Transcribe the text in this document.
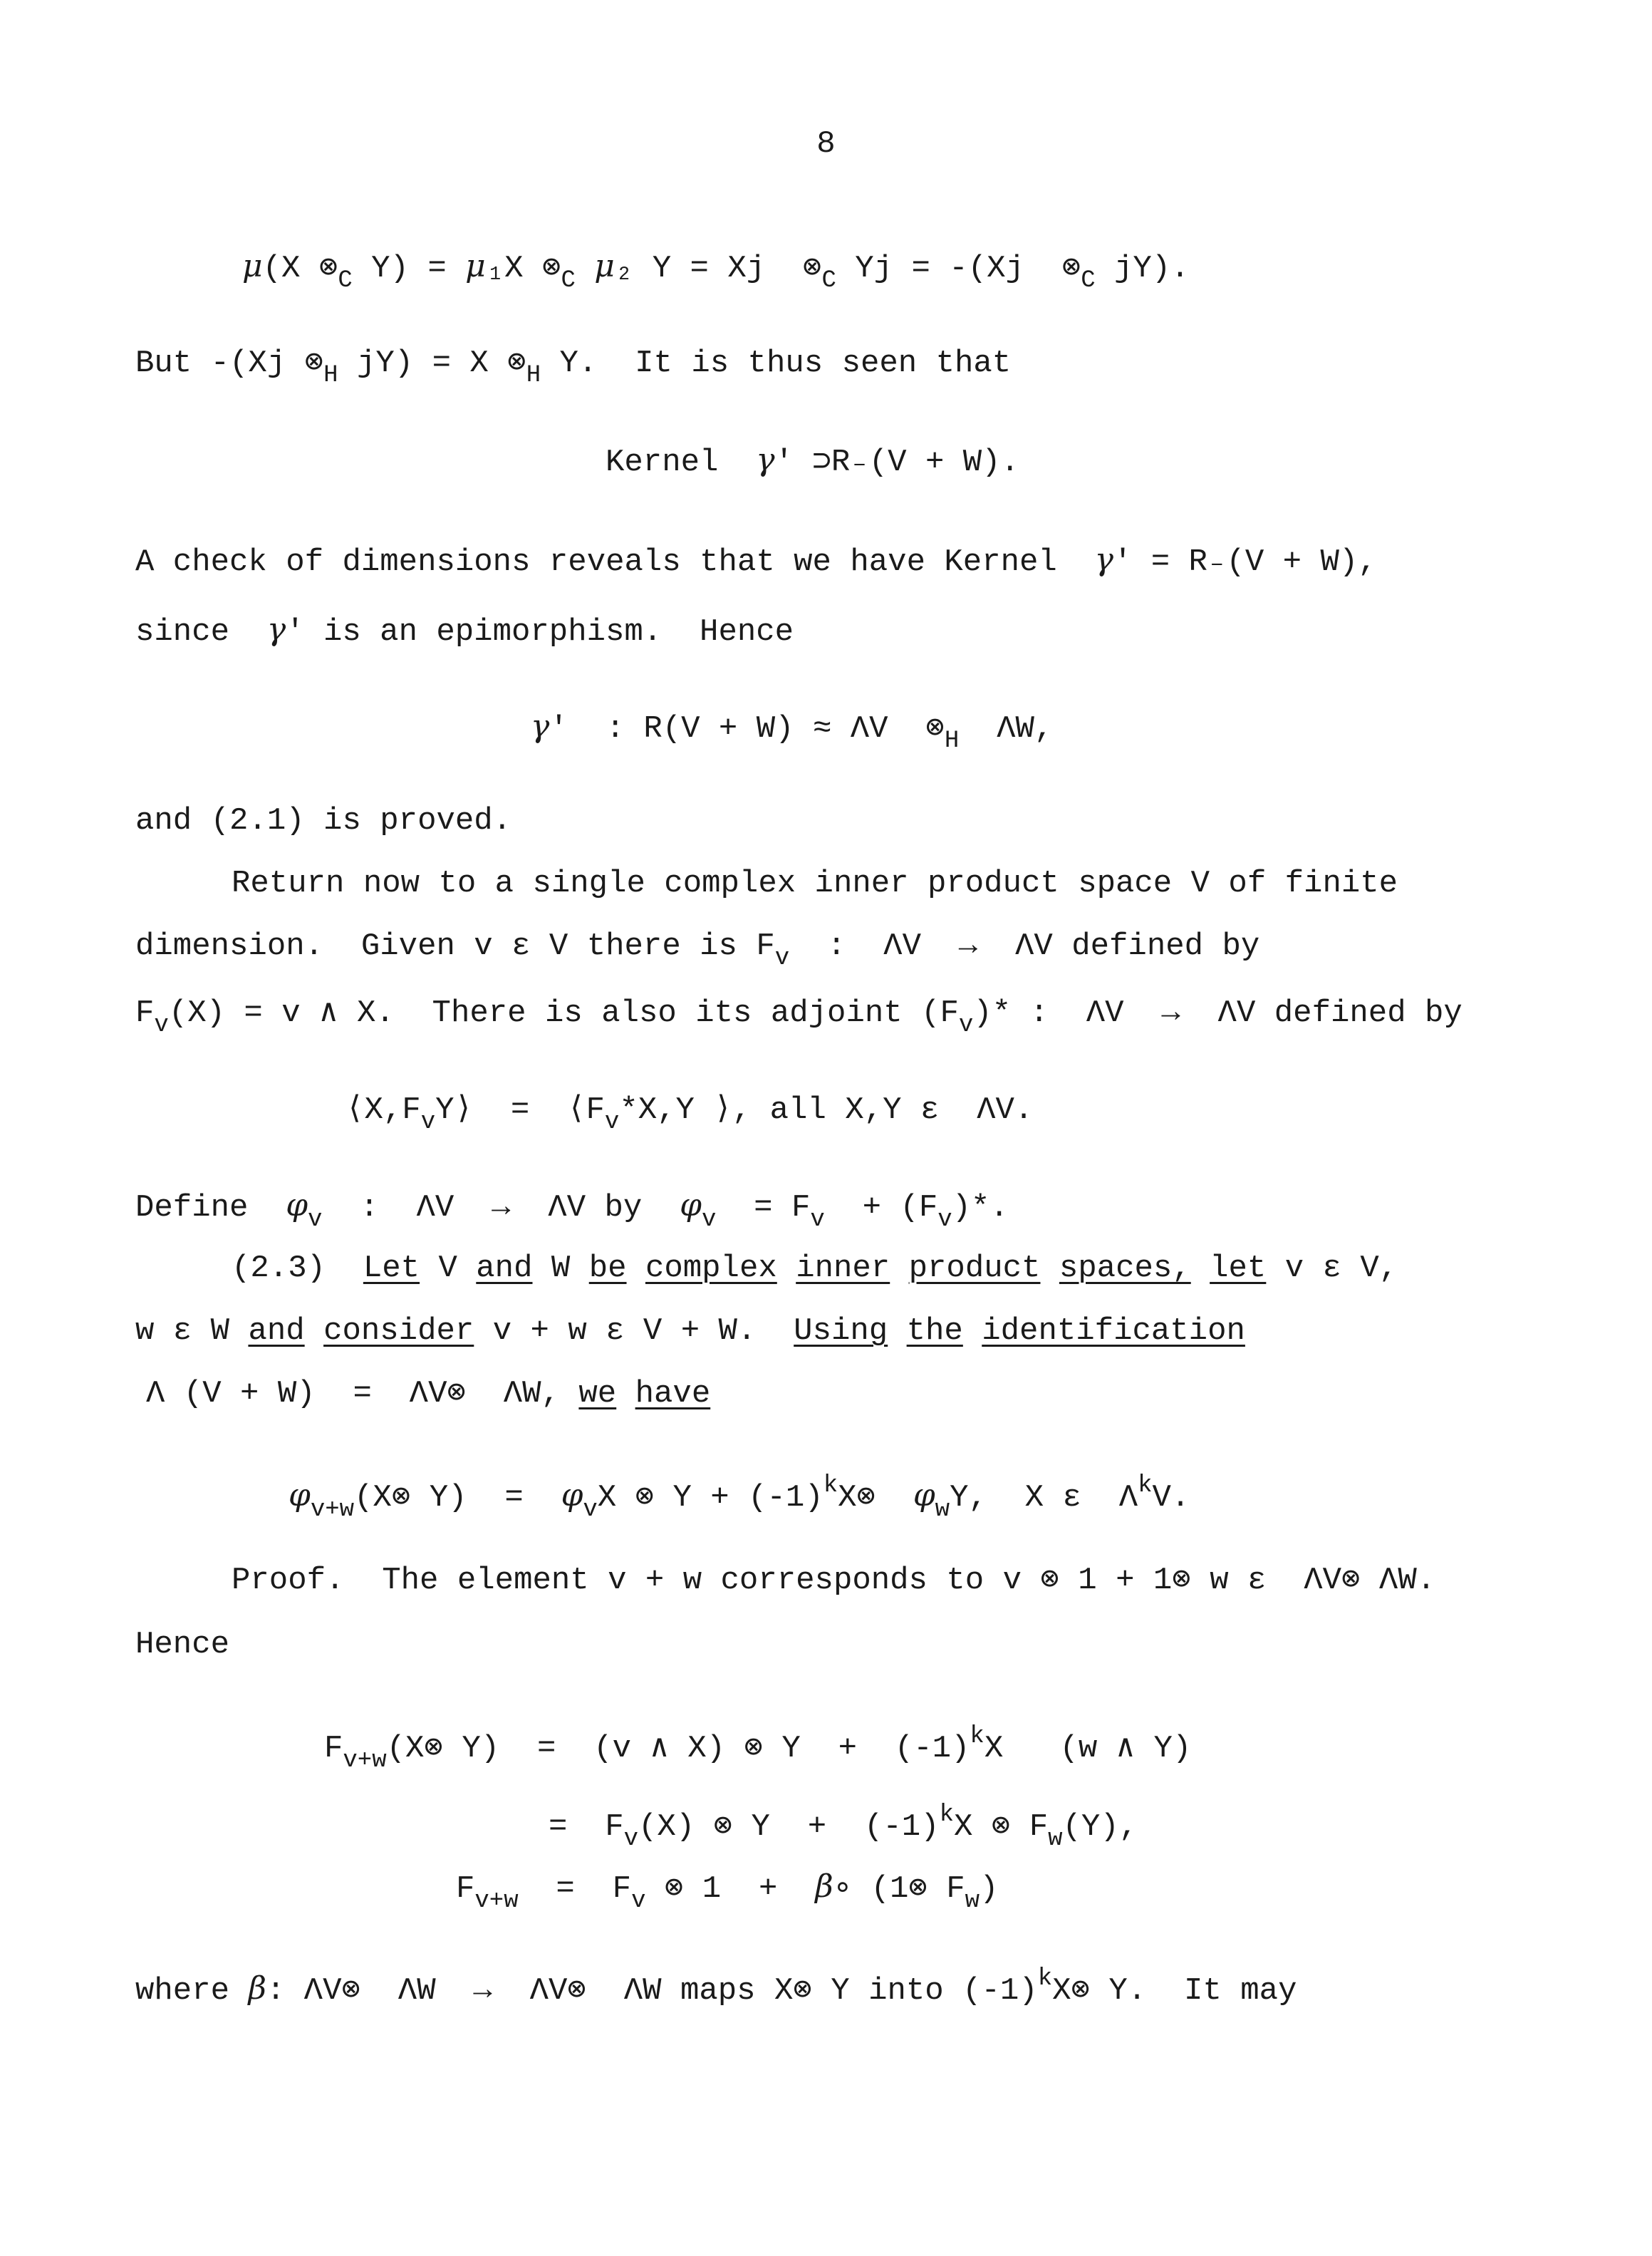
8
𝜇(X $\otimes_C$ Y) = 𝜇₁X $\otimes_C$ 𝜇₂ Y = Xj  $\otimes_C$ Yj = -(Xj  $\otimes_C$ jY).
But -(Xj $\otimes_H$ jY) = X $\otimes_H$ Y.  It is thus seen that
Kernel  γ' ⊃R₋(V + W).
A check of dimensions reveals that we have Kernel  γ' = R₋(V + W),
since  γ' is an epimorphism.  Hence
γ'  : R(V + W) ≈ ΛV  $\otimes_H$  ΛW,
and (2.1) is proved.
Return now to a single complex inner product space V of finite
dimension.  Given v ε V there is $F_v$  :  ΛV  →  ΛV defined by
$F_v(X) = v$ ∧ X.  There is also its adjoint $(F_v)*$ :  ΛV  →  ΛV defined by
$⟨X,F_vY⟩$  =  $⟨F_v*X,Y$ ⟩, all X,Y ε  ΛV.
Define  $\varphi_v$  :  ΛV  →  ΛV by  $\varphi_v = F_v + (F_v)*$.
(2.3)  Let V and W be complex inner product spaces, let v ε V,
w ε W and consider v + w ε V + W.  Using the identification
Λ (V + W)  =  ΛV⊗  ΛW, we have
$\varphi_{v+w}(X\otimes$ $Y) = \varphi_vX$ ⊗ $Y + (-1)^kX\otimes$  $\varphi_wY$,  X ε  $\Lambda^kV$.
Proof.  The element v + w corresponds to v ⊗ 1 + 1⊗ w ε  ΛV⊗ ΛW.
Hence
$F_{v+w}(X\otimes$ Y)  =  (v ∧ X) ⊗ $Y + (-1)^kX$   (w ∧ Y)
=  $F_v(X)$ ⊗ $Y + (-1)^kX$ ⊗ $F_w(Y)$,
$F_{v+w} = F_v$ ⊗ 1  +  β∘ (1⊗ $F_w$)
where β: ΛV⊗  ΛW  →  ΛV⊗  ΛW maps X⊗ Y into $(-1)^kX\otimes$ Y.  It may
